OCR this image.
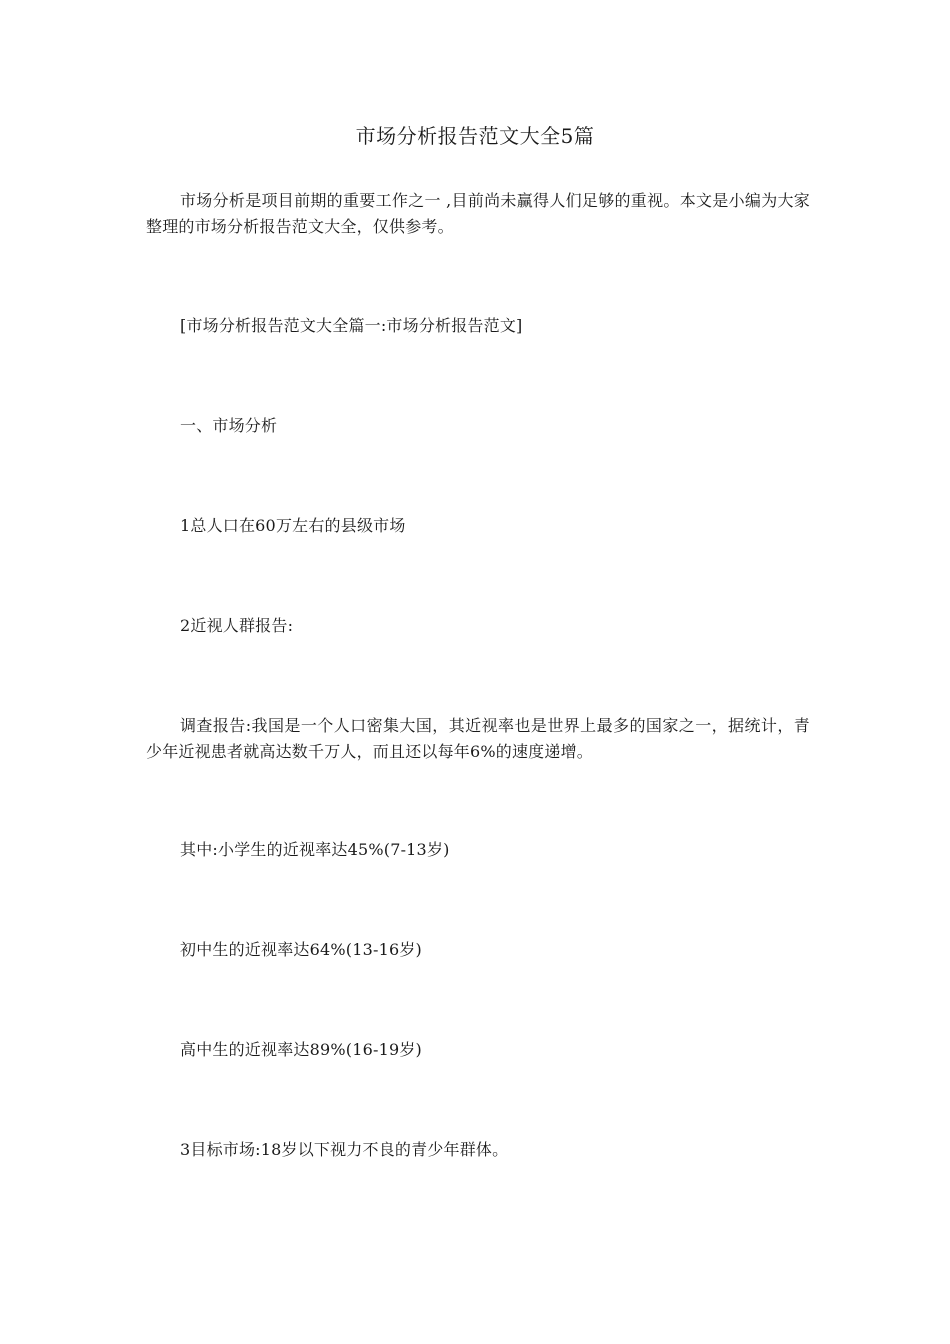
市场分析报告范文大全5篇
市场分析是项目前期的重要工作之一 ,目前尚未赢得人们足够的重视。本文是小编为大家整理的市场分析报告范文大全，仅供参考。
[市场分析报告范文大全篇一:市场分析报告范文]
一、市场分析
1总人口在60万左右的县级市场
2近视人群报告:
调查报告:我国是一个人口密集大国，其近视率也是世界上最多的国家之一，据统计，青少年近视患者就高达数千万人，而且还以每年6%的速度递增。
其中:小学生的近视率达45%(7-13岁)
初中生的近视率达64%(13-16岁)
高中生的近视率达89%(16-19岁)
3目标市场:18岁以下视力不良的青少年群体。
